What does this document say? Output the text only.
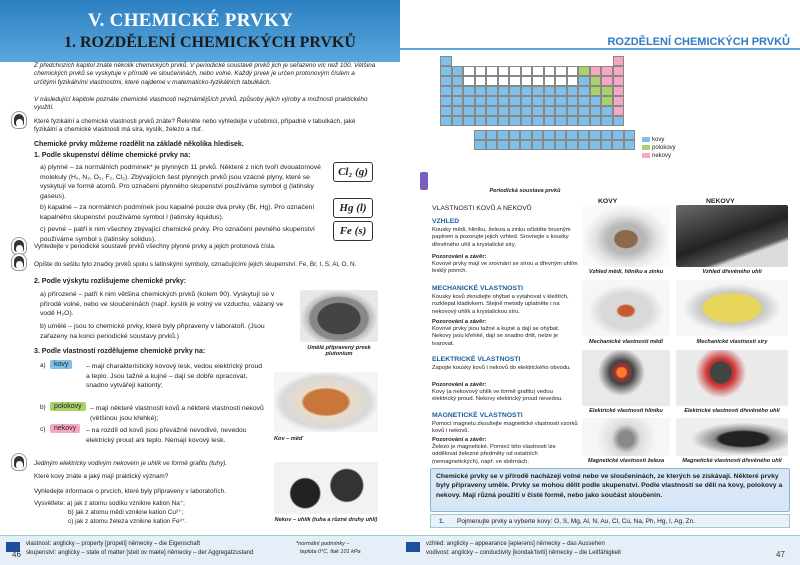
V. CHEMICKÉ PRVKY
1. ROZDĚLENÍ CHEMICKÝCH PRVKŮ
Z předchozích kapitol znáte několik chemických prvků. V periodické soustavě prvků jich je seřazeno víc než 100. Většina chemických prvků se vyskytuje v přírodě ve sloučeninách, nebo volné. Každý prvek je určen protonovým číslem a určitými fyzikálními vlastnostmi, které najdeme v matematicko-fyzikálních tabulkách.
V následující kapitole poznáte chemické vlastnosti nejznámějších prvků, způsoby jejich výroby a možnosti praktického využití.
Které fyzikální a chemické vlastnosti prvků znáte? Řekněte nebo vyhledejte v učebnici, případně v tabulkách, jaké fyzikální a chemické vlastnosti má síra, kyslík, železo a rtuť.
Chemické prvky můžeme rozdělit na základě několika hledisek.
1. Podle skupenství dělíme chemické prvky na:
a) plynné – za normálních podmínek* je plynných 11 prvků. Některé z nich tvoří dvouatomové molekuly (H₂, N₂, O₂, F₂, Cl₂). Zbývajících šest plynných prvků jsou vzácné plyny, které se vyskytují ve formě atomů. Pro označení plynného skupenství používáme symbol g (latinsky gaseus).
Cl₂ (g)
b) kapalné – za normálních podmínek jsou kapalné pouze dva prvky (Br, Hg). Pro označení kapalného skupenství používáme symbol l (latinsky liquidus).
Hg (l)
c) pevné – patří k nim všechny zbývající chemické prvky. Pro označení pevného skupenství používáme symbol s (latinsky solidus).
Fe (s)
Vyhledejte v periodické soustavě prvků všechny plynné prvky a jejich protonová čísla.
Opište do sešitu tyto značky prvků spolu s latinskými symboly, označujícími jejich skupenství: Fe, Br, I, S, Al, O, N.
2. Podle výskytu rozlišujeme chemické prvky:
a) přírozené – patří k nim většina chemických prvků (kolem 90). Vyskytují se v přírodě volné, nebo ve sloučeninách (např. kyslík je volný ve vzduchu, vázaný ve vodě H₂O).
b) umělé – jsou to chemické prvky, které byly připraveny v laboratoři. (Jsou zařazeny na konci periodické soustavy prvků.)
Umělé připravený prvek plutonium
3. Podle vlastností rozdělujeme chemické prvky na:
a)	kovy	– mají charakteristický kovový lesk, vedou elektrický proud a teplo. Jsou tažné a kujné – dají se dobře opracovat, snadno vytvářejí kationty;
b)	polokovy	– mají některé vlastnosti kovů a některé vlastnosti nekovů (většinou jsou křehké);
c)	nekovy	– na rozdíl od kovů jsou převážně nevodivé, nevedou elektrický proud ani teplo. Nemají kovový lesk.	Kov – měď
Jediným elektricky vodivým nekovem je uhlík ve formě grafitu (tuhy).
Které kovy znáte a jaký mají praktický význam?
Vyhledejte informace o prvcích, které byly připraveny v laboratořích.
Vysvětlete: a) jak z atomu sodíku vznikne kation Na⁺;
b) jak z atomu mědi vznikne kation Cu²⁺;
c) jak z atomu železa vznikne kation Fe³⁺.	Nekov – uhlík (tuha a různé druhy uhlí)
vlastnost: anglicky – property [propeti] německy – die Eigenschaft
skupenství: anglicky – state of matter [steit ov mæte] německy – der Aggregatzustand
*normální podmínky –
teplota 0°C, tlak 101 kPa
46
ROZDĚLENÍ CHEMICKÝCH PRVKŮ
Periodická soustava prvků
kovy
polokovy
nekovy
VLASTNOSTI KOVŮ A NEKOVŮ
KOVY	NEKOVY
VZHLED
Kousky mědi, hliníku, železa a zinku očistěte brusným papírem a pozorujte jejich vzhled. Srovnejte s kousky dřevěného uhlí a krystalické síry.
Pozorování a závěr:
Kovové prvky mají ve srovnání se sírou a dřevným uhlím lesklý povrch.	Vzhled mědi, hliníku a zinku	Vzhled dřevěného uhlí
MECHANICKÉ VLASTNOSTI
Kousky kovů zkoušejte ohýbat a vytahovat v kleštích, rozklepat kladivkem. Stejně metody uplatněte i na nekovový uhlík a krystalickou síru.
Pozorování a závěr:
Kovové prvky jsou tažné a kujné a dají se ohýbat. Nekovy jsou křehké, dají se snadno drtit, nelze je tvarovat.	Mechanické vlastnosti mědi	Mechanické vlastnosti síry
ELEKTRICKÉ VLASTNOSTI
Zapojte kousky kovů i nekovů do elektrického obvodu.
Pozorování a závěr:
Kovy (a nekovový uhlík ve formě grafitu) vedou elektrický proud. Nekovy elektrický proud nevedou.
Elektrické vlastnosti hliníku	Elektrické vlastnosti dřevěného uhlí
MAGNETICKÉ VLASTNOSTI
Pomocí magnetu zkoušejte magnetické vlastnosti vzorků kovů i nekovů.
Pozorování a závěr:
Železo je magnetické. Pomocí této vlastnosti lze oddělovat železné předměty od ostatních (nemagnetických), např. ve sběrnách.	Magnetické vlastnosti železa	Magnetické vlastnosti dřevěného uhlí
Chemické prvky se v přírodě nacházejí volné nebo ve sloučeninách, ze kterých se získávají. Některé prvky byly připraveny uměle. Prvky se mohou dělit podle skupenství. Podle vlastností se dělí na kovy, polokovy a nekovy. Mají různá použití v čisté formě, nebo jako součást sloučenin.
1. Pojmenujte prvky a vyberte kovy: O, S, Mg, Al, N, Au, Cl, Cu, Na, Ph, Hg, I, Ag, Zn.
vzhled: anglicky – appearance [əpiərəns] německy – das Aussehen
vodivost: anglicky – conductivity [kondak'tiviti] německy – die Leitfähigkeit	47
